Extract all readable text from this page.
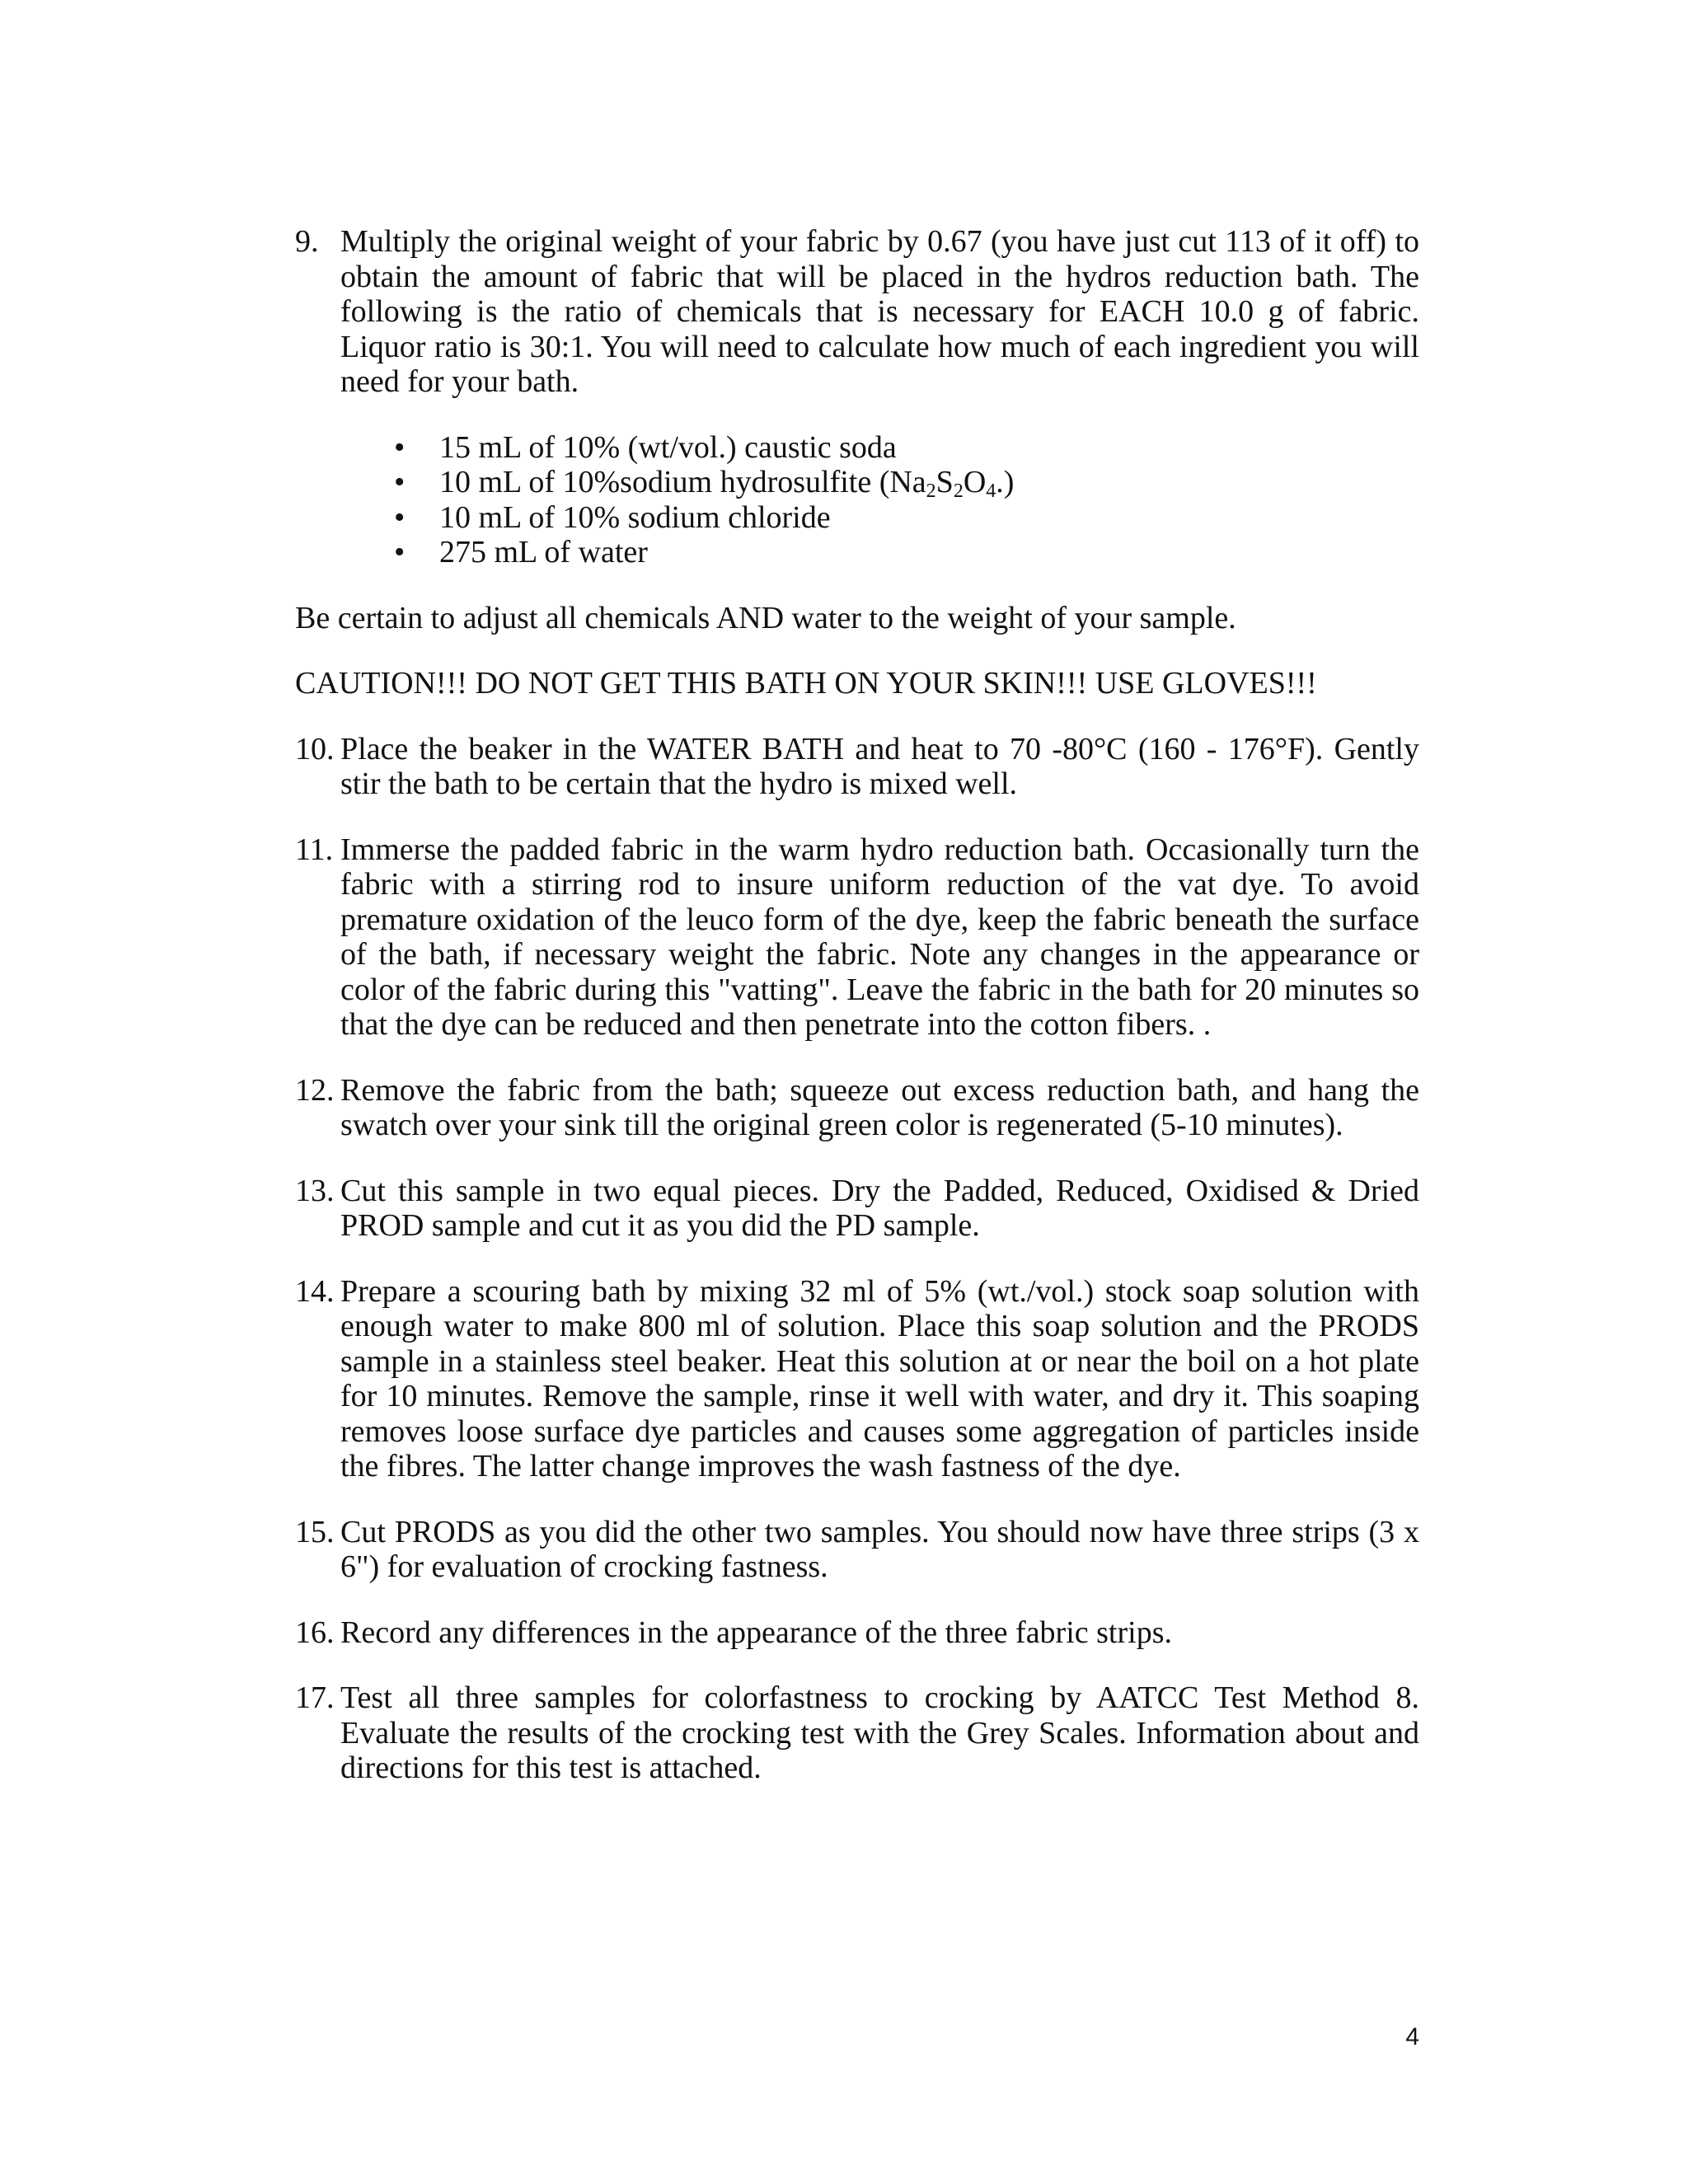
9. Multiply the original weight of your fabric by 0.67 (you have just cut 113 of it off) to obtain the amount of fabric that will be placed in the hydros reduction bath. The following is the ratio of chemicals that is necessary for EACH 10.0 g of fabric. Liquor ratio is 30:1. You will need to calculate how much of each ingredient you will need for your bath.

• 15 mL of 10% (wt/vol.) caustic soda
• 10 mL of 10%sodium hydrosulfite $(Na_2S_2O_4.)$
• 10 mL of 10% sodium chloride
• 275 mL of water

Be certain to adjust all chemicals AND water to the weight of your sample.

CAUTION!!! DO NOT GET THIS BATH ON YOUR SKIN!!! USE GLOVES!!!

10. Place the beaker in the WATER BATH and heat to 70 -80°C (160 - 176°F). Gently stir the bath to be certain that the hydro is mixed well.

11. Immerse the padded fabric in the warm hydro reduction bath. Occasionally turn the fabric with a stirring rod to insure uniform reduction of the vat dye. To avoid premature oxidation of the leuco form of the dye, keep the fabric beneath the surface of the bath, if necessary weight the fabric. Note any changes in the appearance or color of the fabric during this "vatting". Leave the fabric in the bath for 20 minutes so that the dye can be reduced and then penetrate into the cotton fibers. .

12. Remove the fabric from the bath; squeeze out excess reduction bath, and hang the swatch over your sink till the original green color is regenerated (5-10 minutes).

13. Cut this sample in two equal pieces. Dry the Padded, Reduced, Oxidised & Dried PROD sample and cut it as you did the PD sample.

14. Prepare a scouring bath by mixing 32 ml of 5% (wt./vol.) stock soap solution with enough water to make 800 ml of solution. Place this soap solution and the PRODS sample in a stainless steel beaker. Heat this solution at or near the boil on a hot plate for 10 minutes. Remove the sample, rinse it well with water, and dry it. This soaping removes loose surface dye particles and causes some aggregation of particles inside the fibres. The latter change improves the wash fastness of the dye.

15. Cut PRODS as you did the other two samples. You should now have three strips (3 x 6") for evaluation of crocking fastness.

16. Record any differences in the appearance of the three fabric strips.

17. Test all three samples for colorfastness to crocking by AATCC Test Method 8. Evaluate the results of the crocking test with the Grey Scales. Information about and directions for this test is attached.

4
